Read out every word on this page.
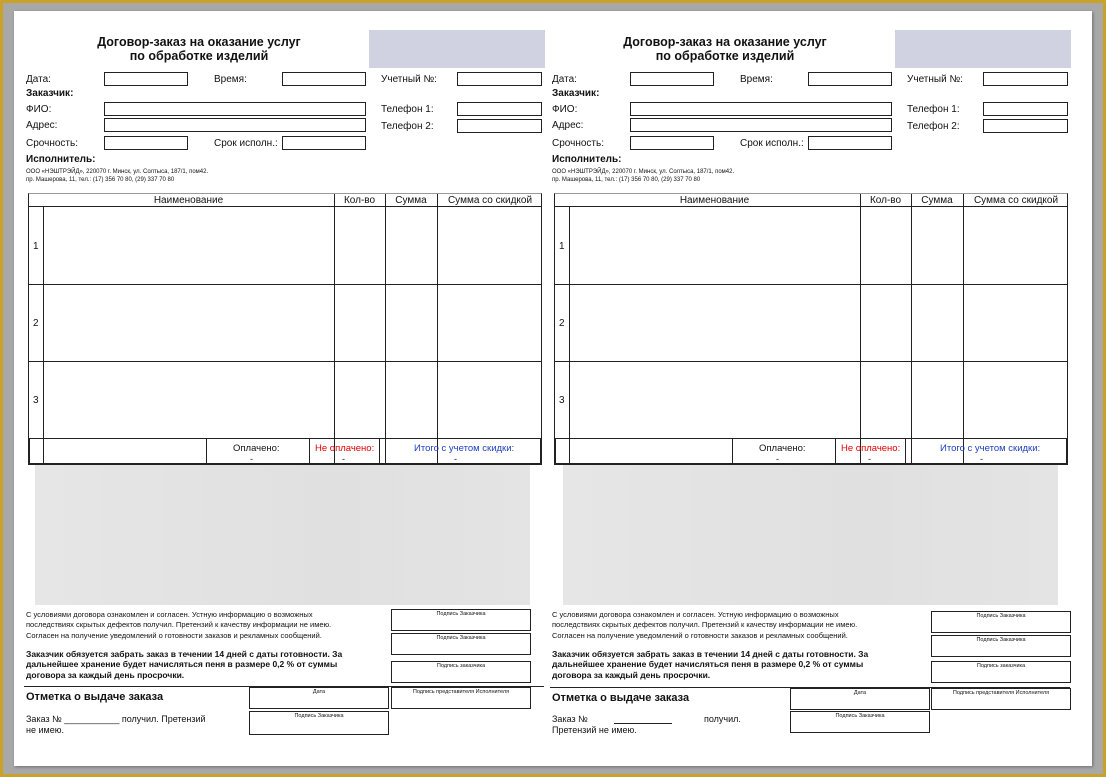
Договор-заказ на оказание услуг
по обработке изделий
Дата:	Время:	Учетный №:
Заказчик:
ФИО:	Телефон 1:
Адрес:	Телефон 2:
Срочность:	Срок исполн.:
Исполнитель:
ООО «НЭШТРЭЙД», 220070 г. Минск, ул. Солтыса, 187/1, пом42.
пр. Машерова, 11, тел.: (17) 356 70 80, (29) 337 70 80
Наименование	Кол-во	Сумма	Сумма со скидкой
1
2
3
Оплачено:
-
Не оплачено:
-
Итого с учетом скидки:
-
С условиями договора ознакомлен и согласен. Устную информацию о возможных
последствиях скрытых дефектов получил. Претензий к качеству информации не имею.
Согласен на получение уведомлений о готовности заказов и рекламных сообщений.
Заказчик обязуется забрать заказ в течении 14 дней с даты готовности. За
дальнейшее хранение будет начисляться пеня в размере 0,2 % от суммы
договора за каждый день просрочки.
Подпись Заказчика
Подпись Заказчика
Подпись заказчика
Отметка о выдаче заказа	Дата	Подпись представителя Исполнителя
Подпись Заказчика
Заказ № ___________ получил. Претензий
не имею.
Договор-заказ на оказание услуг
по обработке изделий
Дата:	Время:	Учетный №:
Заказчик:
ФИО:	Телефон 1:
Адрес:	Телефон 2:
Срочность:	Срок исполн.:
Исполнитель:
ООО «НЭШТРЭЙД», 220070 г. Минск, ул. Солтыса, 187/1, пом42.
пр. Машерова, 11, тел.: (17) 356 70 80, (29) 337 70 80
Наименование	Кол-во	Сумма	Сумма со скидкой
1
2
3
Оплачено:
-
Не оплачено:
-
Итого с учетом скидки:
-
С условиями договора ознакомлен и согласен. Устную информацию о возможных
последствиях скрытых дефектов получил. Претензий к качеству информации не имею.
Согласен на получение уведомлений о готовности заказов и рекламных сообщений.
Заказчик обязуется забрать заказ в течении 14 дней с даты готовности. За
дальнейшее хранение будет начисляться пеня в размере 0,2 % от суммы
договора за каждый день просрочки.
Подпись Заказчика
Подпись Заказчика
Подпись заказчика
Отметка о выдаче заказа	Дата	Подпись представителя Исполнителя
Подпись Заказчика
Заказ №	получил.
Претензий не имею.
